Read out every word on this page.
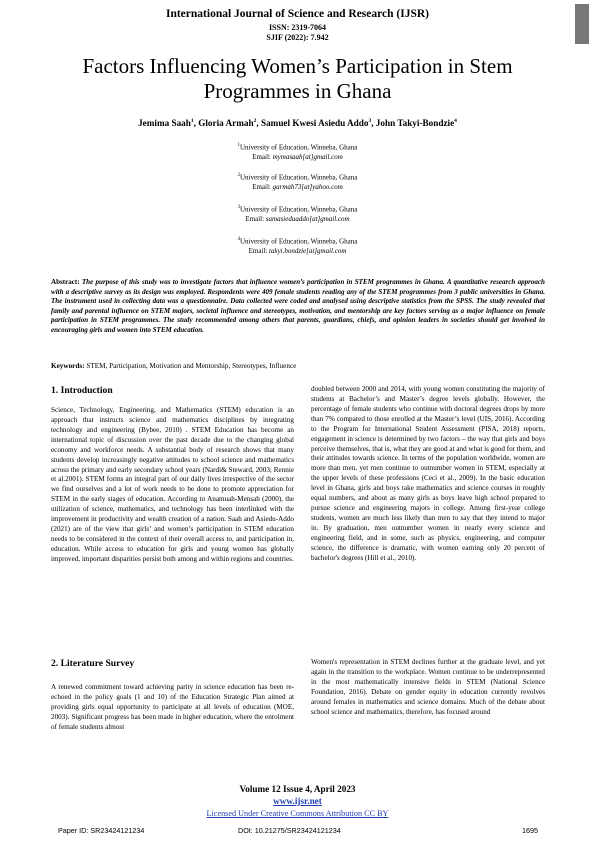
International Journal of Science and Research (IJSR)
ISSN: 2319-7064
SJIF (2022): 7.942
Factors Influencing Women’s Participation in Stem Programmes in Ghana
Jemima Saah$^1$, Gloria Armah$^2$, Samuel Kwesi Asiedu Addo$^3$, John Takyi-Bondzie$^4$
$^1$University of Education, Winneba, Ghana
Email: mymasaah[at]gmail.com
$^2$University of Education, Winneba, Ghana
Email: garmah73[at]yahoo.com
$^3$University of Education, Winneba, Ghana
Email: samasieduaddo[at]gmail.com
$^4$University of Education, Winneba, Ghana
Email: takyi.bondzie[at]gmail.com
Abstract: The purpose of this study was to investigate factors that influence women’s participation in STEM programmes in Ghana. A quantitative research approach with a descriptive survey as its design was employed. Respondents were 409 female students reading any of the STEM programmes from 3 public universities in Ghana. The instrument used in collecting data was a questionnaire. Data collected were coded and analysed using descriptive statistics from the SPSS. The study revealed that family and parental influence on STEM majors, societal influence and stereotypes, motivation, and mentorship are key factors serving as a major influence on female participation in STEM programmes. The study recommended among others that parents, guardians, chiefs, and opinion leaders in societies should get involved in encouraging girls and women into STEM education.
Keywords: STEM, Participation, Motivation and Mentorship, Stereotypes, Influence
1. Introduction

Science, Technology, Engineering, and Mathematics (STEM) education is an approach that instructs science and mathematics disciplines by integrating technology and engineering (Bybee, 2010) . STEM Education has become an international topic of discussion over the past decade due to the changing global economy and workforce needs. A substantial body of research shows that many students develop increasingly negative attitudes to school science and mathematics across the primary and early secondary school years (Nardi& Steward, 2003; Rennie et al.2001). STEM forms an integral part of our daily lives irrespective of the sector we find ourselves and a lot of work needs to be done to promote appreciation for STEM in the early stages of education. According to Anamuah-Mensah (2000), the utilization of science, mathematics, and technology has been interlinked with the improvement in productivity and wealth creation of a nation. Saah and Asiedu-Addo (2021) are of the view that girls’ and women’s participation in STEM education needs to be considered in the context of their overall access to, and participation in, education. While access to education for girls and young women has globally improved, important disparities persist both among and within regions and countries.

2. Literature Survey

A renewed commitment toward achieving parity in science education has been re-echoed in the policy goals (1 and 10) of the Education Strategic Plan aimed at providing girls equal opportunity to participate at all levels of education (MOE, 2003). Significant progress has been made in higher education, where the enrolment of female students almost

doubled between 2000 and 2014, with young women constituting the majority of students at Bachelor’s and Master’s degree levels globally. However, the percentage of female students who continue with doctoral degrees drops by more than 7% compared to those enrolled at the Master’s level (UIS, 2016). According to the Program for International Student Assessment (PISA, 2018) reports, engagement in science is determined by two factors – the way that girls and boys perceive themselves, that is, what they are good at and what is good for them, and their attitudes towards science. In terms of the population worldwide, women are more than men, yet men continue to outnumber women in STEM, especially at the upper levels of these professions (Ceci et al., 2009). In the basic education level in Ghana, girls and boys take mathematics and science courses in roughly equal numbers, and about as many girls as boys leave high school prepared to pursue science and engineering majors in college. Among first-year college students, women are much less likely than men to say that they intend to major in. By graduation, men outnumber women in nearly every science and engineering field, and in some, such as physics, engineering, and computer science, the difference is dramatic, with women earning only 20 percent of bachelor's degrees (Hill et al., 2010).

Women's representation in STEM declines further at the graduate level, and yet again in the transition to the workplace. Women continue to be underrepresented in the most mathematically intensive fields in STEM (National Science Foundation, 2016). Debate on gender equity in education currently revolves around females in mathematics and science domains. Much of the debate about school science and mathematics, therefore, has focused around

Volume 12 Issue 4, April 2023
www.ijsr.net
Licensed Under Creative Commons Attribution CC BY
Paper ID: SR23424121234	DOI: 10.21275/SR23424121234	1695
